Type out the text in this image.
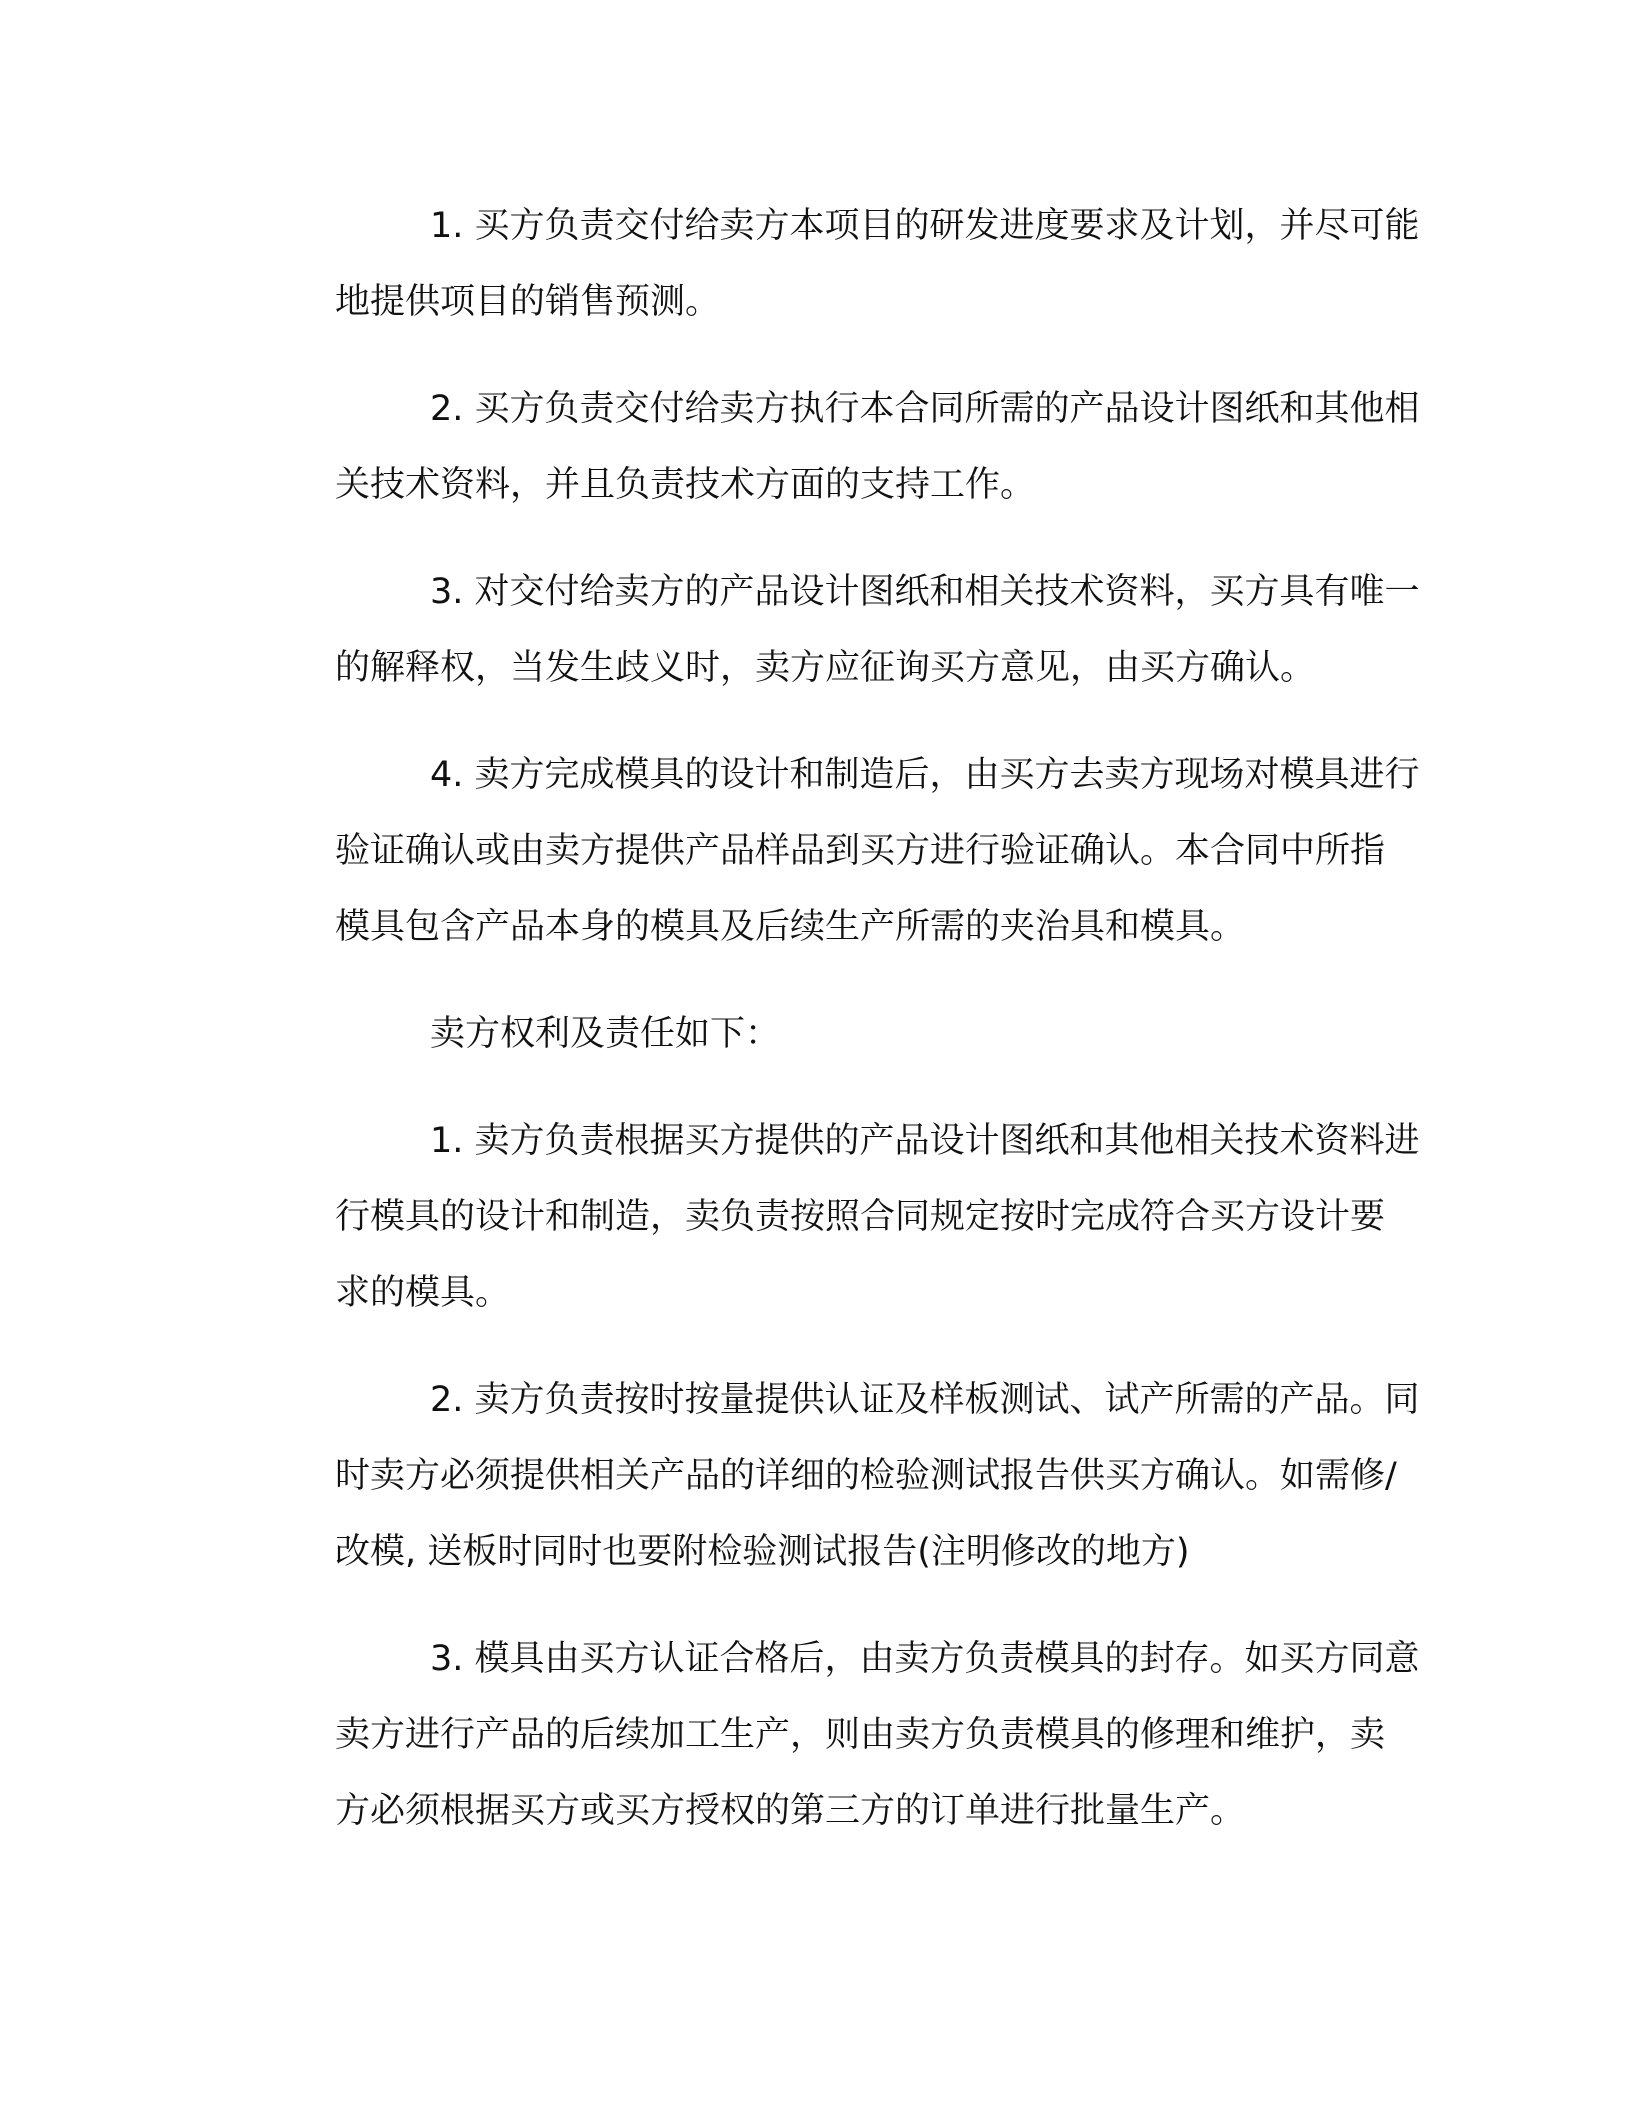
1. 买方负责交付给卖方本项目的研发进度要求及计划，并尽可能
地提供项目的销售预测。

2. 买方负责交付给卖方执行本合同所需的产品设计图纸和其他相
关技术资料，并且负责技术方面的支持工作。

3. 对交付给卖方的产品设计图纸和相关技术资料，买方具有唯一
的解释权，当发生歧义时，卖方应征询买方意见，由买方确认。

4. 卖方完成模具的设计和制造后，由买方去卖方现场对模具进行
验证确认或由卖方提供产品样品到买方进行验证确认。本合同中所指
模具包含产品本身的模具及后续生产所需的夹治具和模具。

卖方权利及责任如下：

1. 卖方负责根据买方提供的产品设计图纸和其他相关技术资料进
行模具的设计和制造，卖负责按照合同规定按时完成符合买方设计要
求的模具。

2. 卖方负责按时按量提供认证及样板测试、试产所需的产品。同
时卖方必须提供相关产品的详细的检验测试报告供买方确认。如需修/
改模, 送板时同时也要附检验测试报告(注明修改的地方)

3. 模具由买方认证合格后，由卖方负责模具的封存。如买方同意
卖方进行产品的后续加工生产，则由卖方负责模具的修理和维护，卖
方必须根据买方或买方授权的第三方的订单进行批量生产。
